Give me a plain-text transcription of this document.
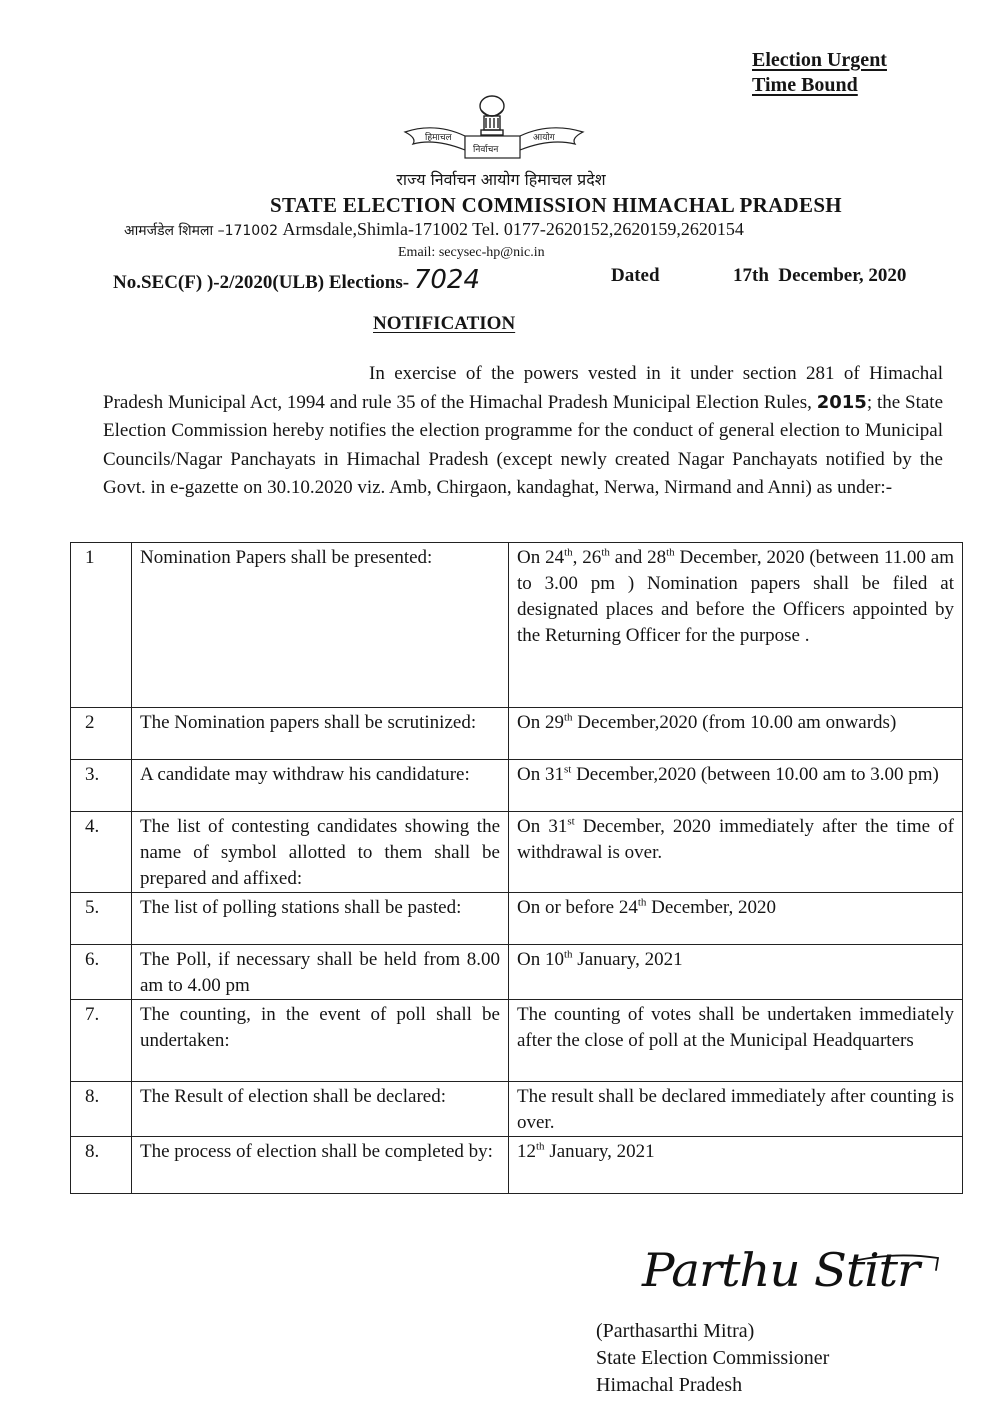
Election Urgent
Time Bound
हिमाचल
निर्वाचन
आयोग
राज्य निर्वाचन आयोग हिमाचल प्रदेश
STATE ELECTION COMMISSION HIMACHAL PRADESH
आमर्जडेल शिमला –171002 Armsdale,Shimla-171002 Tel. 0177-2620152,2620159,2620154
Email: secysec-hp@nic.in
No.SEC(F) )-2/2020(ULB) Elections- 7024	Dated	17th  December, 2020
NOTIFICATION
In exercise of the powers vested in it under section 281 of Himachal Pradesh Municipal Act, 1994 and rule 35 of the Himachal Pradesh Municipal Election Rules, 2015; the State Election Commission hereby notifies the election programme for the conduct of general election to Municipal Councils/Nagar Panchayats in Himachal Pradesh (except newly created Nagar Panchayats notified by the Govt. in e-gazette on 30.10.2020 viz. Amb, Chirgaon, kandaghat, Nerwa, Nirmand and Anni) as under:-
1	Nomination Papers shall be presented:	On 24th, 26th and 28th December, 2020 (between 11.00 am to 3.00 pm ) Nomination papers shall be filed at designated places and before the Officers appointed by the Returning Officer for the purpose .
2	The Nomination papers shall be scrutinized:	On 29th December,2020 (from 10.00 am onwards)
3.	A candidate may withdraw his candidature:	On 31st December,2020 (between 10.00 am to 3.00 pm)
4.	The list of contesting candidates showing the name of symbol allotted to them shall be prepared and affixed:	On 31st December, 2020 immediately after the time of withdrawal is over.
5.	The list of polling stations shall be pasted:	On or before 24th December, 2020
6.	The Poll, if necessary shall be held from 8.00 am to 4.00 pm	On 10th January, 2021
7.	The counting, in the event of poll shall be undertaken:	The counting of votes shall be undertaken immediately after the close of poll at the Municipal Headquarters
8.	The Result of election shall be declared:	The result shall be declared immediately after counting is over.
8.	The process of election shall be completed by:	12th January, 2021
Parthu Stitr
(Parthasarthi Mitra)
State Election Commissioner
Himachal Pradesh
